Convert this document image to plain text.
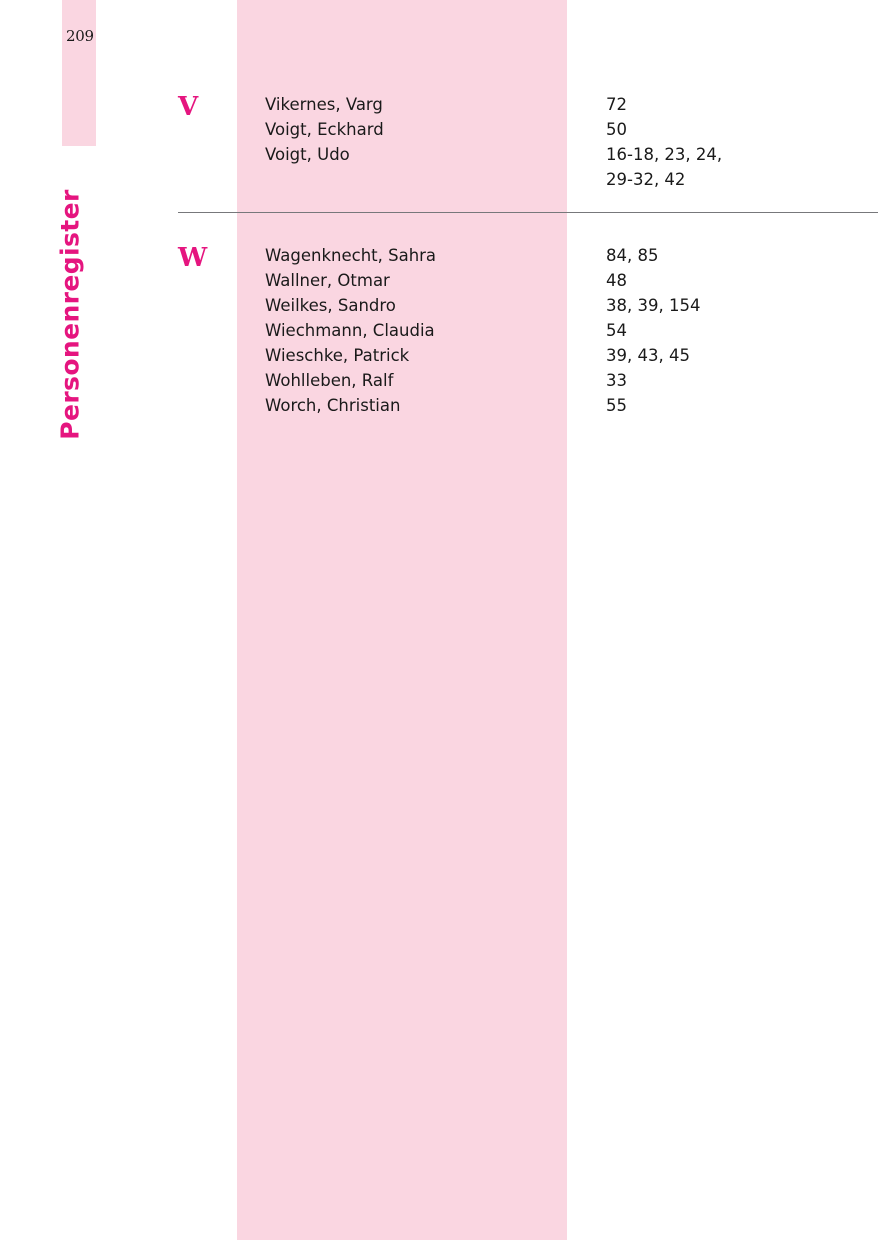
209
Personenregister
V	Vikernes, Varg	72
Voigt, Eckhard	50
Voigt, Udo	16-18, 23, 24,
29-32, 42
W	Wagenknecht, Sahra	84, 85
Wallner, Otmar	48
Weilkes, Sandro	38, 39, 154
Wiechmann, Claudia	54
Wieschke, Patrick	39, 43, 45
Wohlleben, Ralf	33
Worch, Christian	55
